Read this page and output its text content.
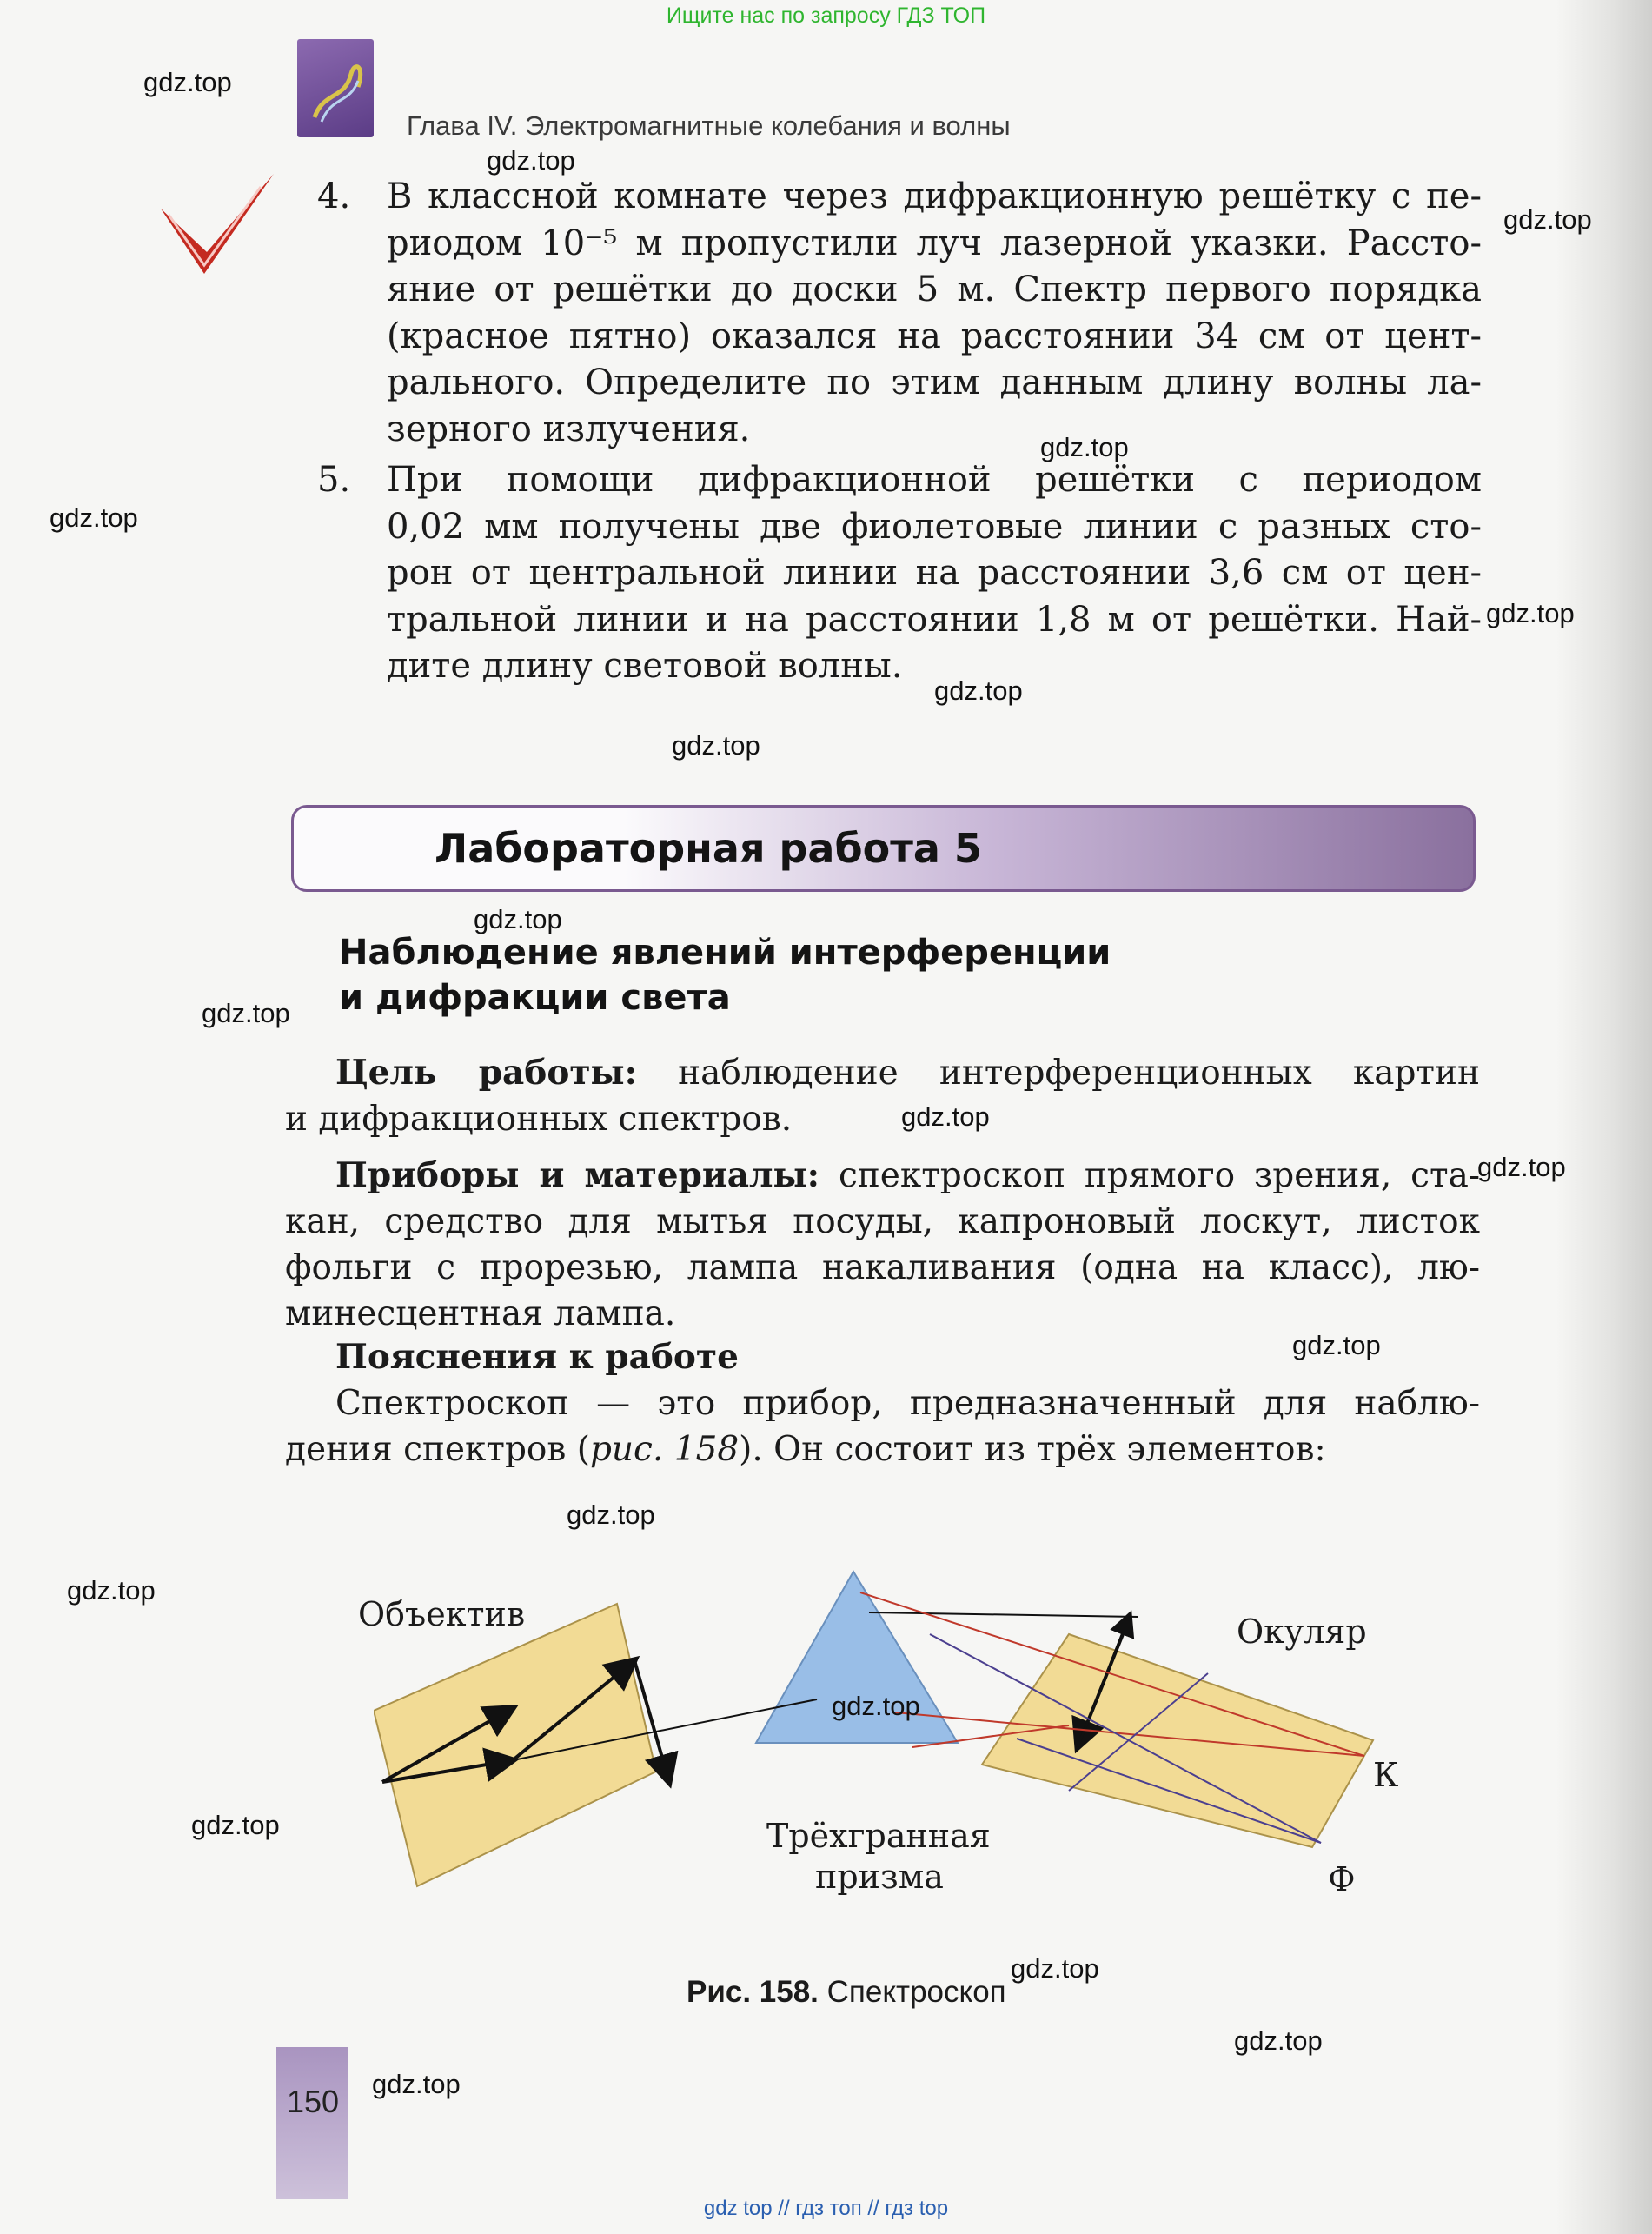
Ищите нас по запросу ГДЗ ТОП
Глава IV. Электромагнитные колебания и волны
4.	В классной комнате через дифракционную решётку с пе-
риодом 10⁻⁵ м пропустили луч лазерной указки. Рассто-
яние от решётки до доски 5 м. Спектр первого порядка
(красное пятно) оказался на расстоянии 34 см от цент-
рального. Определите по этим данным длину волны ла-
зерного излучения.
5.	При помощи дифракционной решётки с периодом
0,02 мм получены две фиолетовые линии с разных сто-
рон от центральной линии на расстоянии 3,6 см от цен-
тральной линии и на расстоянии 1,8 м от решётки. Най-
дите длину световой волны.
Лабораторная работа 5
Наблюдение явлений интерференции
и дифракции света
Цель работы: наблюдение интерференционных картин
и дифракционных спектров.
Приборы и материалы: спектроскоп прямого зрения, ста-
кан, средство для мытья посуды, капроновый лоскут, листок
фольги с прорезью, лампа накаливания (одна на класс), лю-
минесцентная лампа.
Пояснения к работе
Спектроскоп — это прибор, предназначенный для наблю-
дения спектров (рис. 158). Он состоит из трёх элементов:
Объектив	Окуляр
Трёхгранная
призма
К
Ф
Рис. 158. Спектроскоп
150
gdz.top
gdz.top
gdz.top
gdz.top
gdz.top
gdz.top
gdz.top
gdz.top
gdz.top
gdz.top
gdz.top
gdz.top
gdz.top
gdz.top
gdz.top
gdz.top
gdz.top
gdz.top
gdz.top
gdz.top
gdz top // гдз топ // гдз top
